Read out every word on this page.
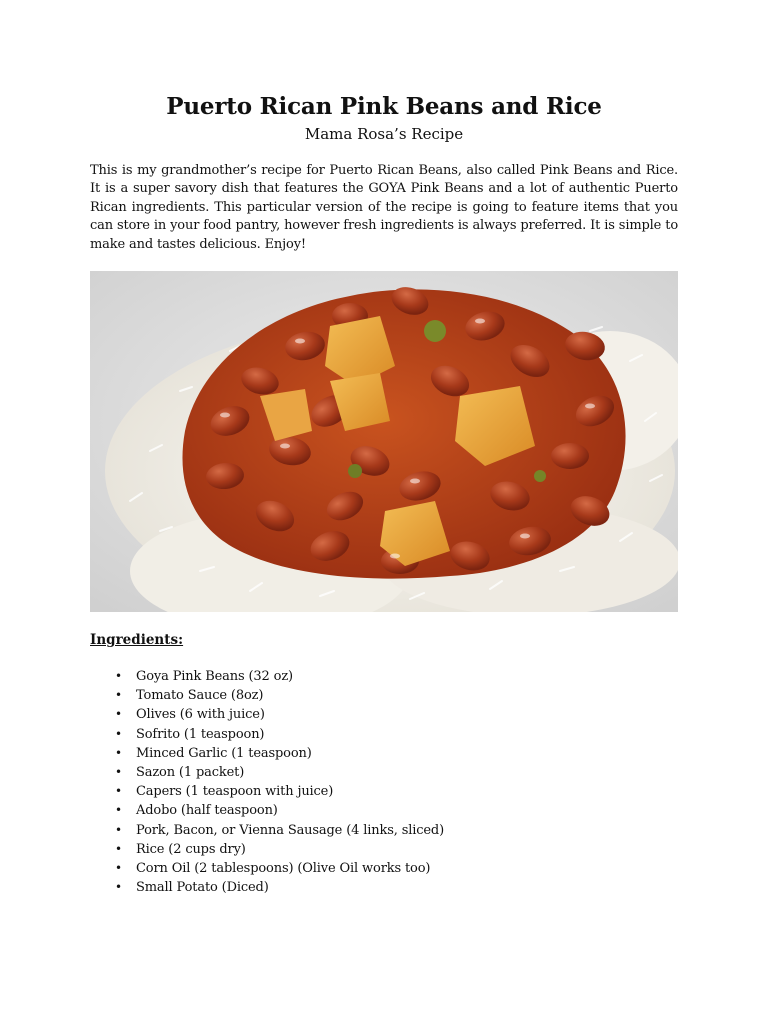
Puerto Rican Pink Beans and Rice
Mama Rosa’s Recipe

This is my grandmother’s recipe for Puerto Rican Beans, also called Pink Beans and Rice. It is a super savory dish that features the GOYA Pink Beans and a lot of authentic Puerto Rican ingredients. This particular version of the recipe is going to feature items that you can store in your food pantry, however fresh ingredients is always preferred. It is simple to make and tastes delicious. Enjoy!

Ingredients:
• Goya Pink Beans (32 oz)
• Tomato Sauce (8oz)
• Olives (6 with juice)
• Sofrito (1 teaspoon)
• Minced Garlic (1 teaspoon)
• Sazon (1 packet)
• Capers (1 teaspoon with juice)
• Adobo (half teaspoon)
• Pork, Bacon, or Vienna Sausage (4 links, sliced)
• Rice (2 cups dry)
• Corn Oil (2 tablespoons) (Olive Oil works too)
• Small Potato (Diced)
